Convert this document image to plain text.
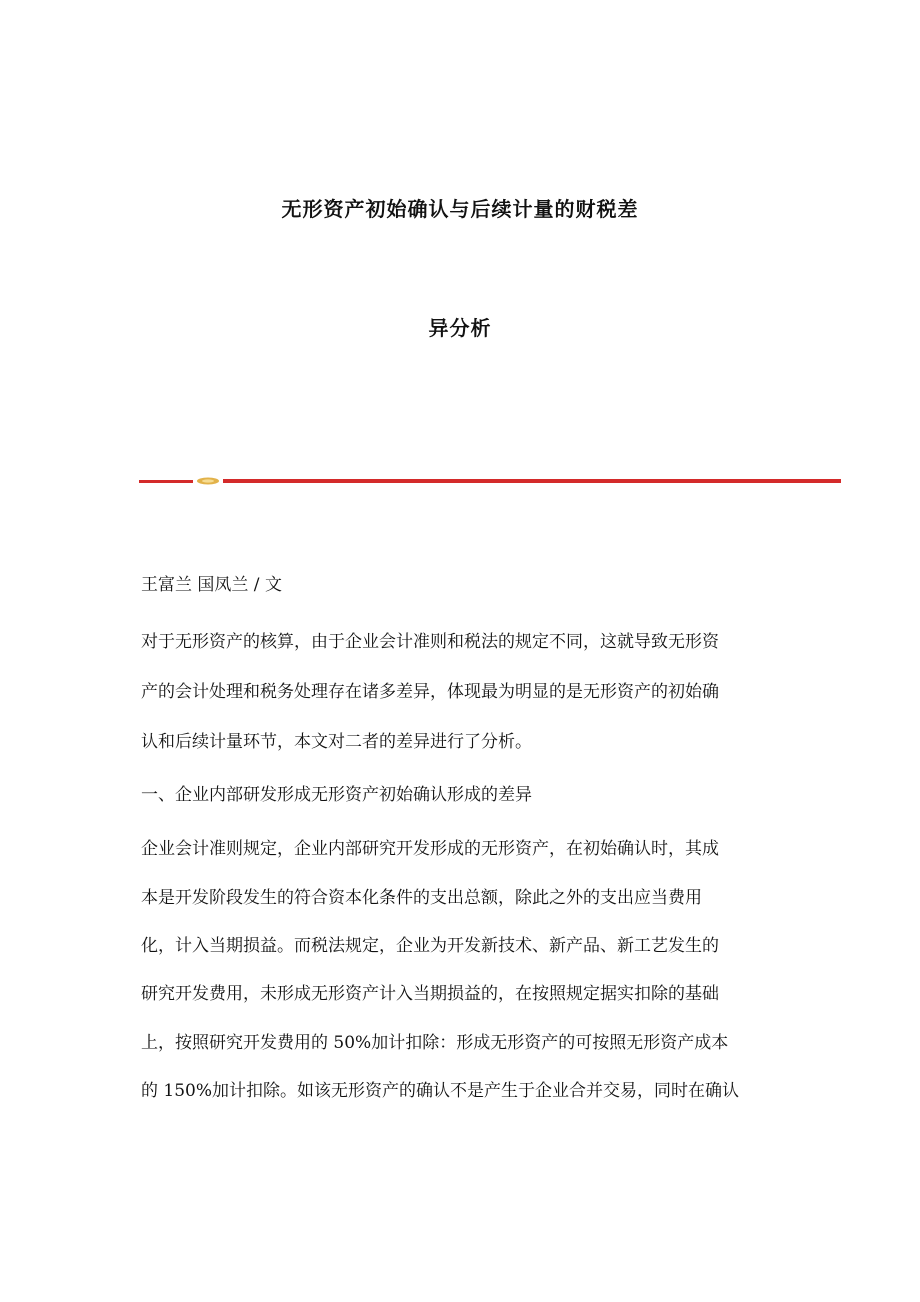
无形资产初始确认与后续计量的财税差
异分析
王富兰 国凤兰 / 文
对于无形资产的核算，由于企业会计准则和税法的规定不同，这就导致无形资
产的会计处理和税务处理存在诸多差异，体现最为明显的是无形资产的初始确
认和后续计量环节，本文对二者的差异进行了分析。
一、企业内部研发形成无形资产初始确认形成的差异
企业会计准则规定，企业内部研究开发形成的无形资产，在初始确认时，其成
本是开发阶段发生的符合资本化条件的支出总额，除此之外的支出应当费用
化，计入当期损益。而税法规定，企业为开发新技术、新产品、新工艺发生的
研究开发费用，未形成无形资产计入当期损益的，在按照规定据实扣除的基础
上，按照研究开发费用的 50%加计扣除：形成无形资产的可按照无形资产成本
的 150%加计扣除。如该无形资产的确认不是产生于企业合并交易，同时在确认
